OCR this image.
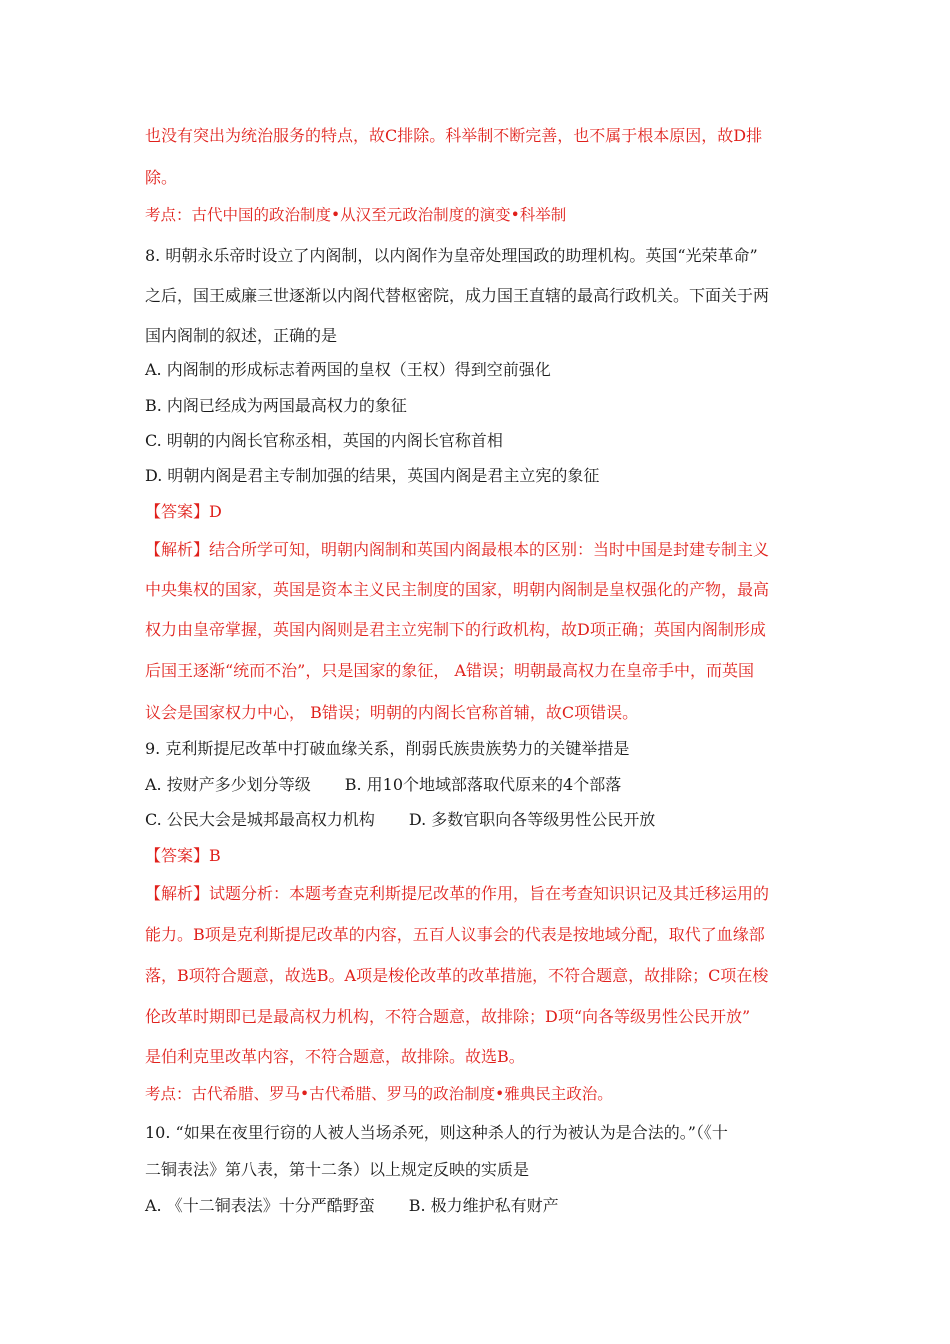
也没有突出为统治服务的特点，故C排除。科举制不断完善，也不属于根本原因，故D排
除。
考点：古代中国的政治制度•从汉至元政治制度的演变•科举制
8. 明朝永乐帝时设立了内阁制，以内阁作为皇帝处理国政的助理机构。英国“光荣革命”
之后，国王威廉三世逐渐以内阁代替枢密院，成力国王直辖的最高行政机关。下面关于两
国内阁制的叙述，正确的是
A. 内阁制的形成标志着两国的皇权（王权）得到空前强化
B. 内阁已经成为两国最高权力的象征
C. 明朝的内阁长官称丞相，英国的内阁长官称首相
D. 明朝内阁是君主专制加强的结果，英国内阁是君主立宪的象征
【答案】D
【解析】结合所学可知，明朝内阁制和英国内阁最根本的区别：当时中国是封建专制主义
中央集权的国家，英国是资本主义民主制度的国家，明朝内阁制是皇权强化的产物，最高
权力由皇帝掌握，英国内阁则是君主立宪制下的行政机构，故D项正确；英国内阁制形成
后国王逐渐“统而不治”，只是国家的象征， A错误；明朝最高权力在皇帝手中，而英国
议会是国家权力中心， B错误；明朝的内阁长官称首辅，故C项错误。
9. 克利斯提尼改革中打破血缘关系，削弱氏族贵族势力的关键举措是
A. 按财产多少划分等级 B. 用10个地域部落取代原来的4个部落
C. 公民大会是城邦最高权力机构 D. 多数官职向各等级男性公民开放
【答案】B
【解析】试题分析：本题考查克利斯提尼改革的作用，旨在考查知识识记及其迁移运用的
能力。B项是克利斯提尼改革的内容，五百人议事会的代表是按地域分配，取代了血缘部
落，B项符合题意，故选B。A项是梭伦改革的改革措施，不符合题意，故排除；C项在梭
伦改革时期即已是最高权力机构，不符合题意，故排除；D项“向各等级男性公民开放”
是伯利克里改革内容，不符合题意，故排除。故选B。
考点：古代希腊、罗马•古代希腊、罗马的政治制度•雅典民主政治。
10. “如果在夜里行窃的人被人当场杀死，则这种杀人的行为被认为是合法的。”（《十
二铜表法》第八表，第十二条）以上规定反映的实质是
A. 《十二铜表法》十分严酷野蛮 B. 极力维护私有财产
